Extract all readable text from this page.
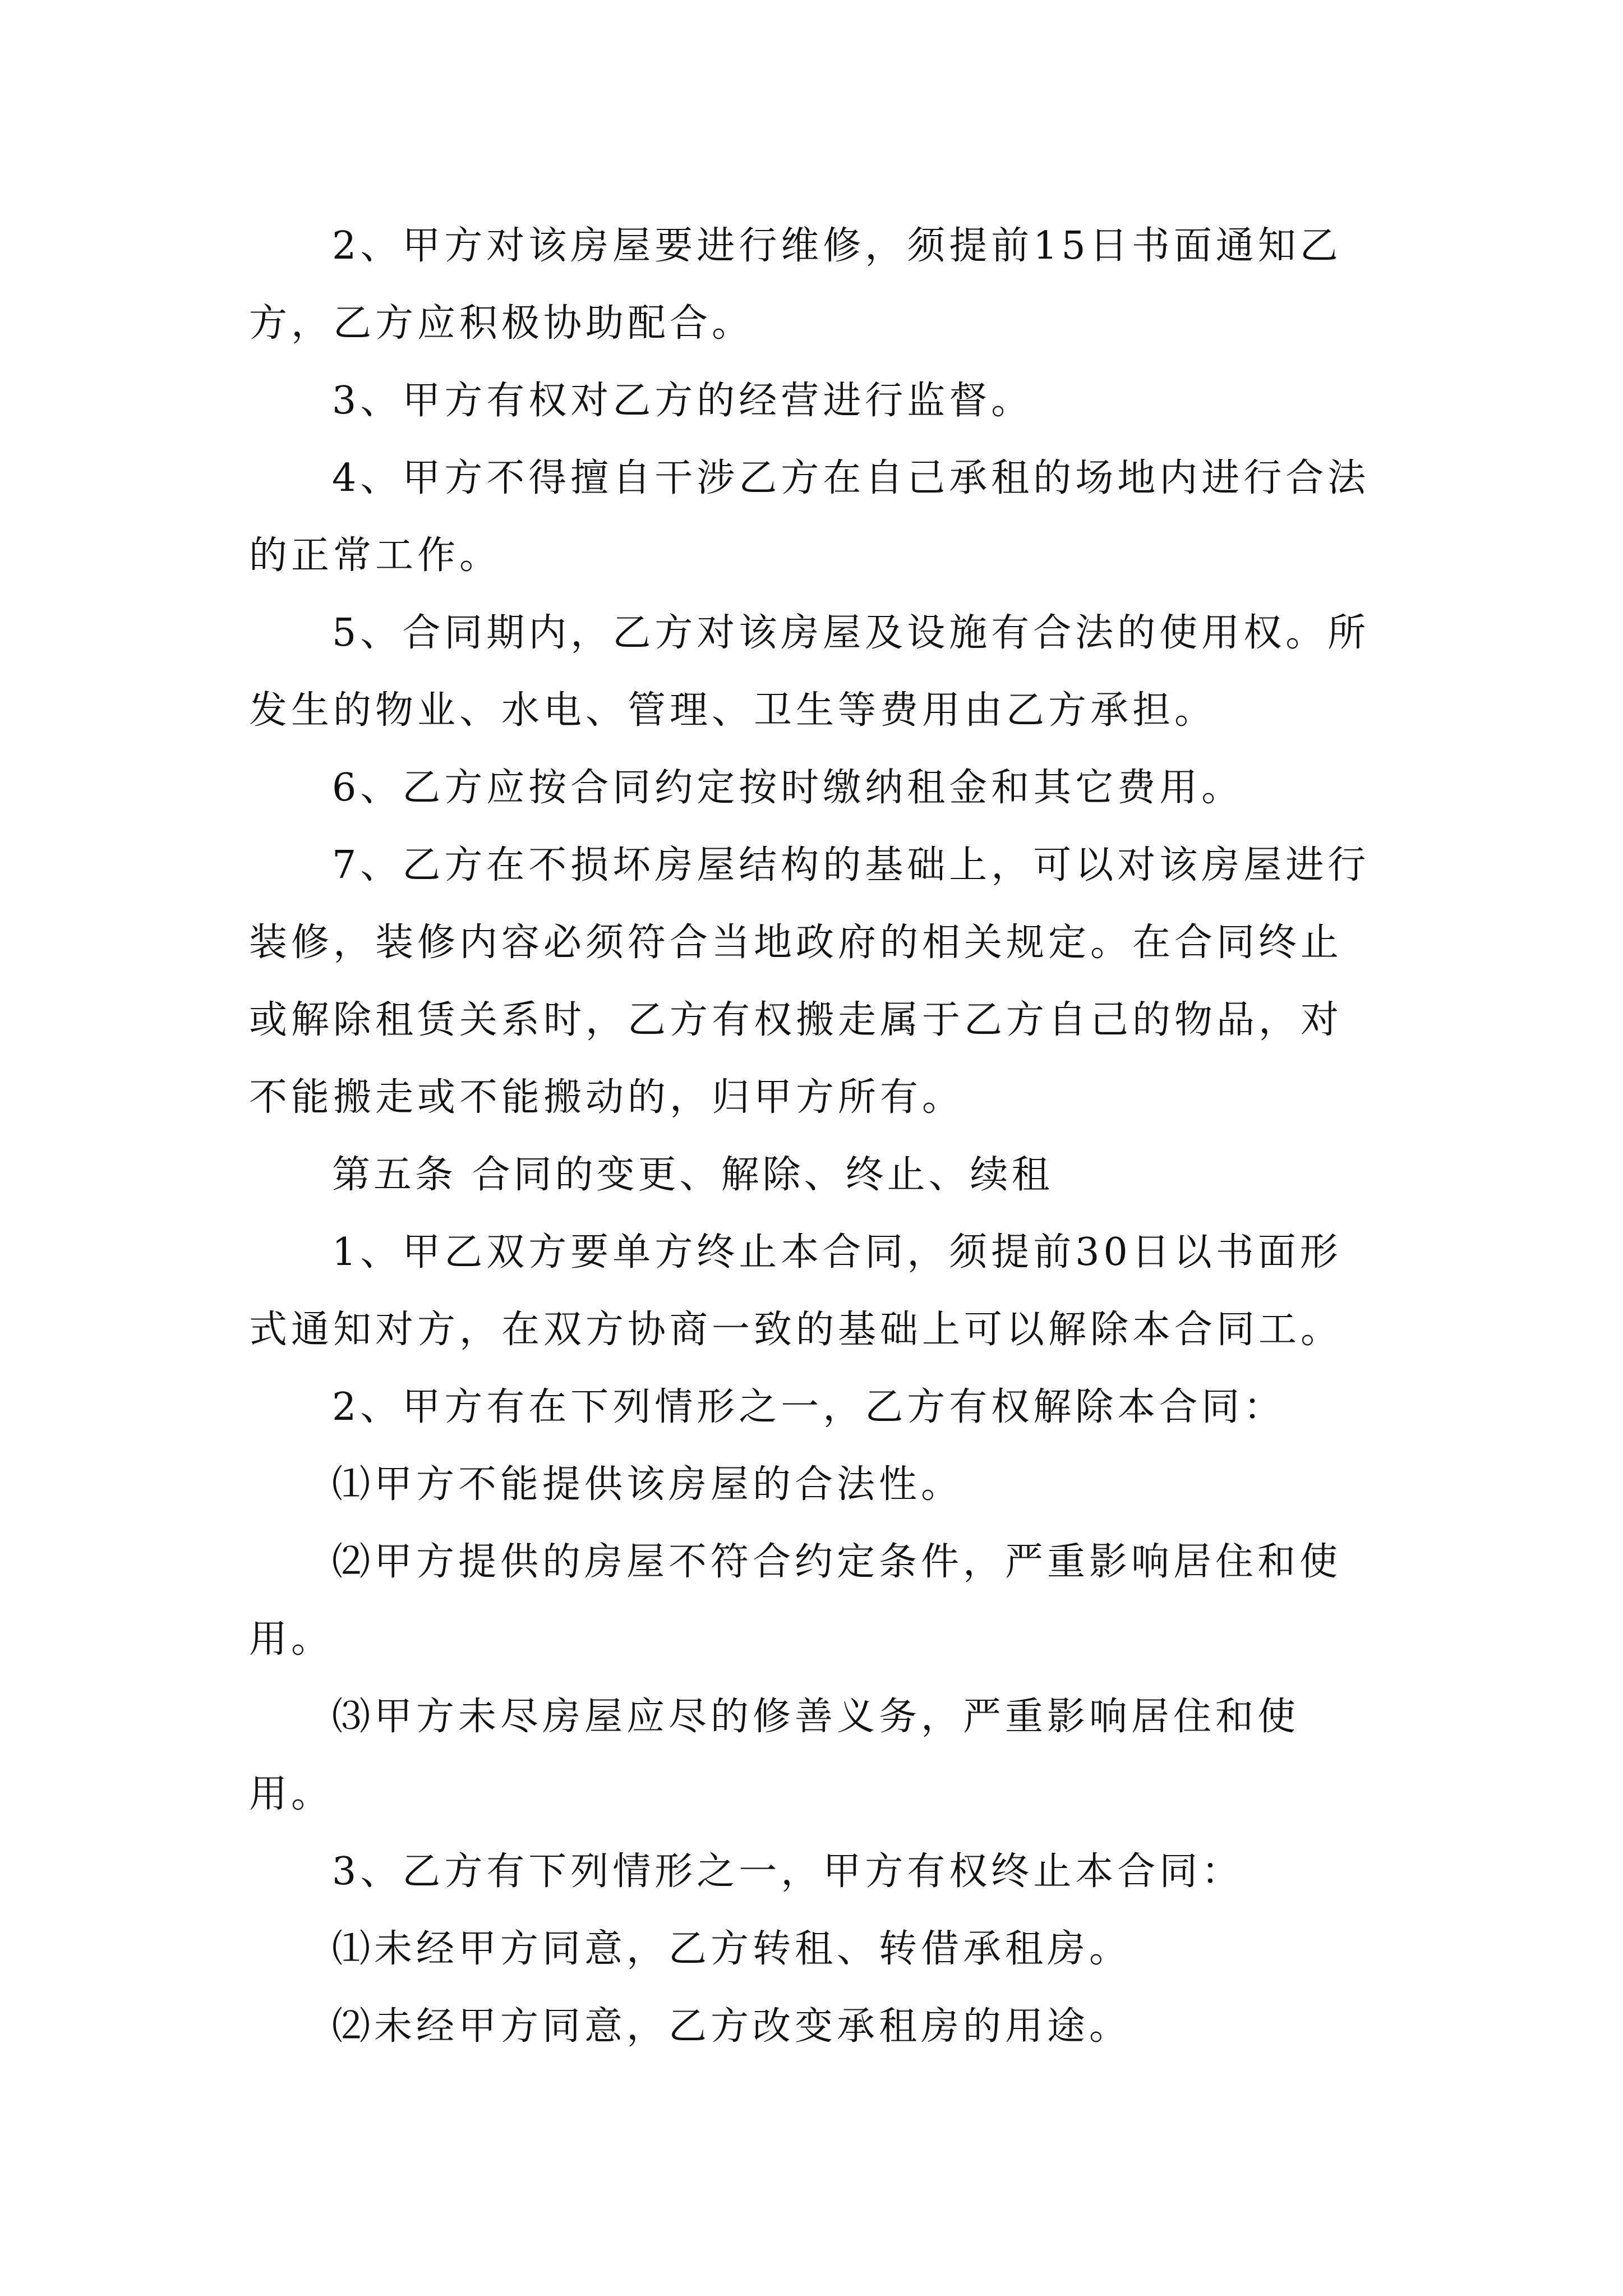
2、甲方对该房屋要进行维修，须提前15日书面通知乙方，乙方应积极协助配合。

3、甲方有权对乙方的经营进行监督。

4、甲方不得擅自干涉乙方在自己承租的场地内进行合法的正常工作。

5、合同期内，乙方对该房屋及设施有合法的使用权。所发生的物业、水电、管理、卫生等费用由乙方承担。

6、乙方应按合同约定按时缴纳租金和其它费用。

7、乙方在不损坏房屋结构的基础上，可以对该房屋进行装修，装修内容必须符合当地政府的相关规定。在合同终止或解除租赁关系时，乙方有权搬走属于乙方自己的物品，对不能搬走或不能搬动的，归甲方所有。

第五条 合同的变更、解除、终止、续租

1、甲乙双方要单方终止本合同，须提前30日以书面形式通知对方，在双方协商一致的基础上可以解除本合同工。

2、甲方有在下列情形之一，乙方有权解除本合同：

⑴甲方不能提供该房屋的合法性。

⑵甲方提供的房屋不符合约定条件，严重影响居住和使用。

⑶甲方未尽房屋应尽的修善义务，严重影响居住和使用。

3、乙方有下列情形之一，甲方有权终止本合同：

⑴未经甲方同意，乙方转租、转借承租房。

⑵未经甲方同意，乙方改变承租房的用途。
